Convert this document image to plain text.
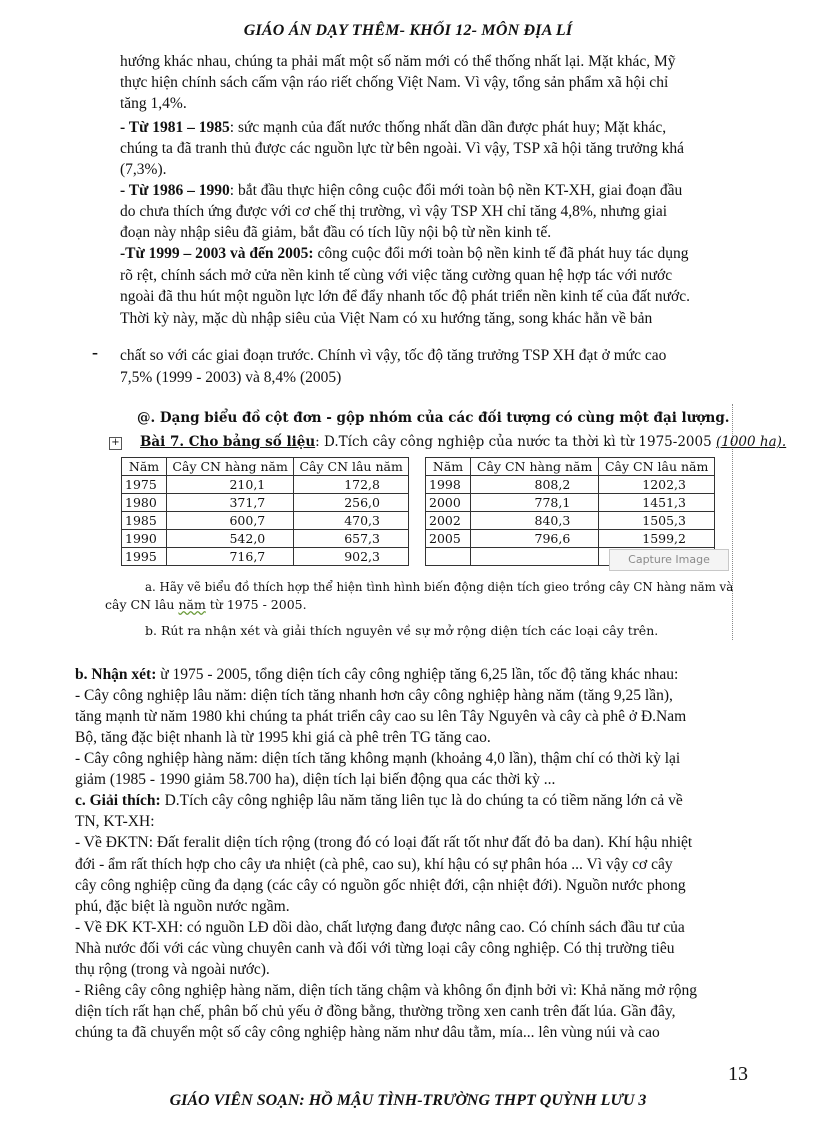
GIÁO ÁN DẠY THÊM- KHỐI 12- MÔN ĐỊA LÍ
hướng khác nhau, chúng ta phải mất một số năm mới có thể thống nhất lại. Mặt khác, Mỹ
thực hiện chính sách cấm vận ráo riết chống Việt Nam. Vì vậy, tổng sản phẩm xã hội chỉ
tăng 1,4%.
- Từ 1981 – 1985: sức mạnh của đất nước thống nhất dần dần được phát huy; Mặt khác,
chúng ta đã tranh thủ được các nguồn lực từ bên ngoài. Vì vậy, TSP xã hội tăng trưởng khá
(7,3%).
- Từ 1986 – 1990: bắt đầu thực hiện công cuộc đổi mới toàn bộ nền KT-XH, giai đoạn đầu
do chưa thích ứng được với cơ chế thị trường, vì vậy TSP XH chỉ tăng 4,8%, nhưng giai
đoạn này nhập siêu đã giảm, bắt đầu có tích lũy nội bộ từ nền kinh tế.
-Từ 1999 – 2003 và đến 2005: công cuộc đổi mới toàn bộ nền kinh tế đã phát huy tác dụng
rõ rệt, chính sách mở cửa nền kinh tế cùng với việc tăng cường quan hệ hợp tác với nước
ngoài đã thu hút một nguồn lực lớn để đẩy nhanh tốc độ phát triển nền kinh tế của đất nước.
Thời kỳ này, mặc dù nhập siêu của Việt Nam có xu hướng tăng, song khác hẳn về bản
- chất so với các giai đoạn trước. Chính vì vậy, tốc độ tăng trưởng TSP XH đạt ở mức cao
7,5% (1999 - 2003) và 8,4% (2005)
@. Dạng biểu đồ cột đơn - gộp nhóm của các đối tượng có cùng một đại lượng.
+ Bài 7. Cho bảng số liệu: D.Tích cây công nghiệp của nước ta thời kì từ 1975-2005 (1000 ha).
Năm	Cây CN hàng năm	Cây CN lâu năm
1975	210,1	172,8
1980	371,7	256,0
1985	600,7	470,3
1990	542,0	657,3
1995	716,7	902,3
Năm	Cây CN hàng năm	Cây CN lâu năm
1998	808,2	1202,3
2000	778,1	1451,3
2002	840,3	1505,3
2005	796,6	1599,2

Capture Image
a. Hãy vẽ biểu đồ thích hợp thể hiện tình hình biến động diện tích gieo trồng cây CN hàng năm và
cây CN lâu năm từ 1975 - 2005.
b. Rút ra nhận xét và giải thích nguyên về sự mở rộng diện tích các loại cây trên.
b. Nhận xét: ừ 1975 - 2005, tổng diện tích cây công nghiệp tăng 6,25 lần, tốc độ tăng khác nhau:
- Cây công nghiệp lâu năm: diện tích tăng nhanh hơn cây công nghiệp hàng năm (tăng 9,25 lần),
tăng mạnh từ năm 1980 khi chúng ta phát triển cây cao su lên Tây Nguyên và cây cà phê ở Đ.Nam
Bộ, tăng đặc biệt nhanh là từ 1995 khi giá cà phê trên TG tăng cao.
- Cây công nghiệp hàng năm: diện tích tăng không mạnh (khoảng 4,0 lần), thậm chí có thời kỳ lại
giảm (1985 - 1990 giảm 58.700 ha), diện tích lại biến động qua các thời kỳ ...
c. Giải thích: D.Tích cây công nghiệp lâu năm tăng liên tục là do chúng ta có tiềm năng lớn cả về
TN, KT-XH:
- Về ĐKTN: Đất feralit diện tích rộng (trong đó có loại đất rất tốt như đất đỏ ba dan). Khí hậu nhiệt
đới - ẩm rất thích hợp cho cây ưa nhiệt (cà phê, cao su), khí hậu có sự phân hóa ... Vì vậy cơ cây
cây công nghiệp cũng đa dạng (các cây có nguồn gốc nhiệt đới, cận nhiệt đới). Nguồn nước phong
phú, đặc biệt là nguồn nước ngầm.
- Về ĐK KT-XH: có nguồn LĐ dồi dào, chất lượng đang được nâng cao. Có chính sách đầu tư của
Nhà nước đối với các vùng chuyên canh và đối với từng loại cây công nghiệp. Có thị trường tiêu
thụ rộng (trong và ngoài nước).
- Riêng cây công nghiệp hàng năm, diện tích tăng chậm và không ổn định bởi vì: Khả năng mở rộng
diện tích rất hạn chế, phân bố chủ yếu ở đồng bằng, thường trồng xen canh trên đất lúa. Gần đây,
chúng ta đã chuyển một số cây công nghiệp hàng năm như dâu tằm, mía... lên vùng núi và cao
13
GIÁO VIÊN SOẠN: HỒ MẬU TÌNH-TRƯỜNG THPT QUỲNH LƯU 3
